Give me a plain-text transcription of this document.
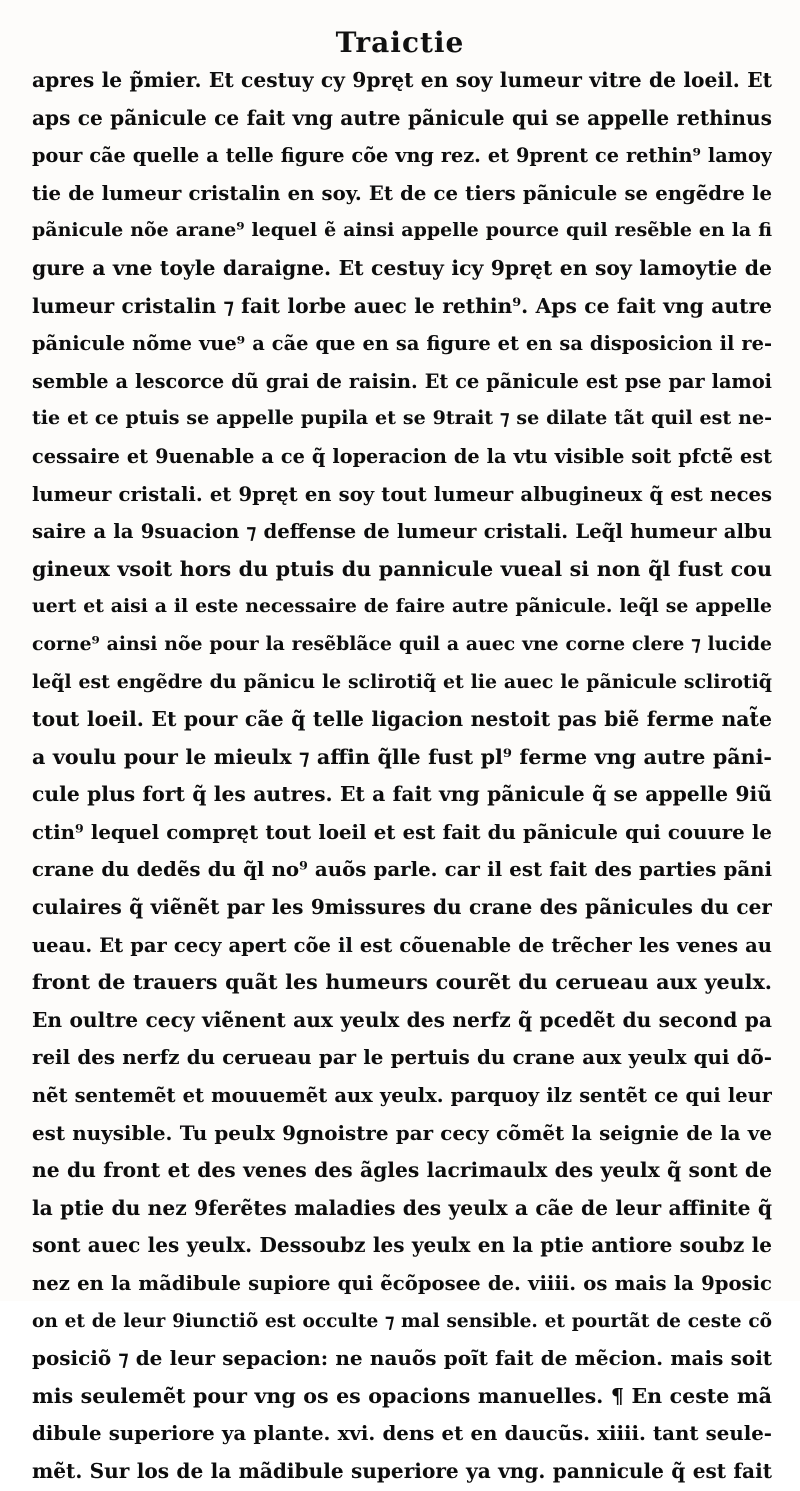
Traictie
apres le p̃mier. Et cestuy cy 9pręt en soy lumeur vitre de loeil. Et
aps ce pãnicule ce fait vng autre pãnicule qui se appelle rethinus
pour cãe quelle a telle figure cõe vng rez. et 9prent ce rethin⁹ lamoy
tie de lumeur cristalin en soy. Et de ce tiers pãnicule se engẽdre le
pãnicule nõe arane⁹ lequel ẽ ainsi appelle pource quil resẽble en la fi
gure a vne toyle daraigne. Et cestuy icy 9pręt en soy lamoytie de
lumeur cristalin ⁊ fait lorbe auec le rethin⁹. Aps ce fait vng autre
pãnicule nõme vue⁹ a cãe que en sa figure et en sa disposicion il re‑
semble a lescorce dũ grai de raisin. Et ce pãnicule est pse par lamoi
tie et ce ptuis se appelle pupila et se 9trait ⁊ se dilate tãt quil est ne‑
cessaire et 9uenable a ce q̃ loperacion de la vtu visible soit pfctẽ est
lumeur cristali. et 9pręt en soy tout lumeur albugineux q̃ est neces
saire a la 9suacion ⁊ deffense de lumeur cristali. Leq̃l humeur albu
gineux vsoit hors du ptuis du pannicule vueal si non q̃l fust cou
uert et aisi a il este necessaire de faire autre pãnicule. leq̃l se appelle
corne⁹ ainsi nõe pour la resẽblãce quil a auec vne corne clere ⁊ lucide
leq̃l est engẽdre du pãnicu le sclirotiq̃ et lie auec le pãnicule sclirotiq̃
tout loeil. Et pour cãe q̃ telle ligacion nestoit pas biẽ ferme nat̃e
a voulu pour le mieulx ⁊ affin q̃lle fust pl⁹ ferme vng autre pãni‑
cule plus fort q̃ les autres. Et a fait vng pãnicule q̃ se appelle 9iũ
ctin⁹ lequel compręt tout loeil et est fait du pãnicule qui couure le
crane du dedẽs du q̃l no⁹ auõs parle. car il est fait des parties pãni
culaires q̃ viẽnẽt par les 9missures du crane des pãnicules du cer
ueau. Et par cecy apert cõe il est cõuenable de trẽcher les venes au
front de trauers quãt les humeurs courẽt du cerueau aux yeulx.
En oultre cecy viẽnent aux yeulx des nerfz q̃ pcedẽt du second pa
reil des nerfz du cerueau par le pertuis du crane aux yeulx qui dõ‑
nẽt sentemẽt et mouuemẽt aux yeulx. parquoy ilz sentẽt ce qui leur
est nuysible. Tu peulx 9gnoistre par cecy cõmẽt la seignie de la ve
ne du front et des venes des ãgles lacrimaulx des yeulx q̃ sont de
la ptie du nez 9ferẽtes maladies des yeulx a cãe de leur affinite q̃
sont auec les yeulx. Dessoubz les yeulx en la ptie antiore soubz le
nez en la mãdibule supiore qui ẽcõposee de. viiii. os mais la 9posic
on et de leur 9iunctiõ est occulte ⁊ mal sensible. et pourtãt de ceste cõ
posiciõ ⁊ de leur sepacion: ne nauõs poĩt fait de mẽcion. mais soit
mis seulemẽt pour vng os es opacions manuelles. ¶ En ceste mã
dibule superiore ya plante. xvi. dens et en daucũs. xiiii. tant seule‑
mẽt. Sur los de la mãdibule superiore ya vng. pannicule q̃ est fait
